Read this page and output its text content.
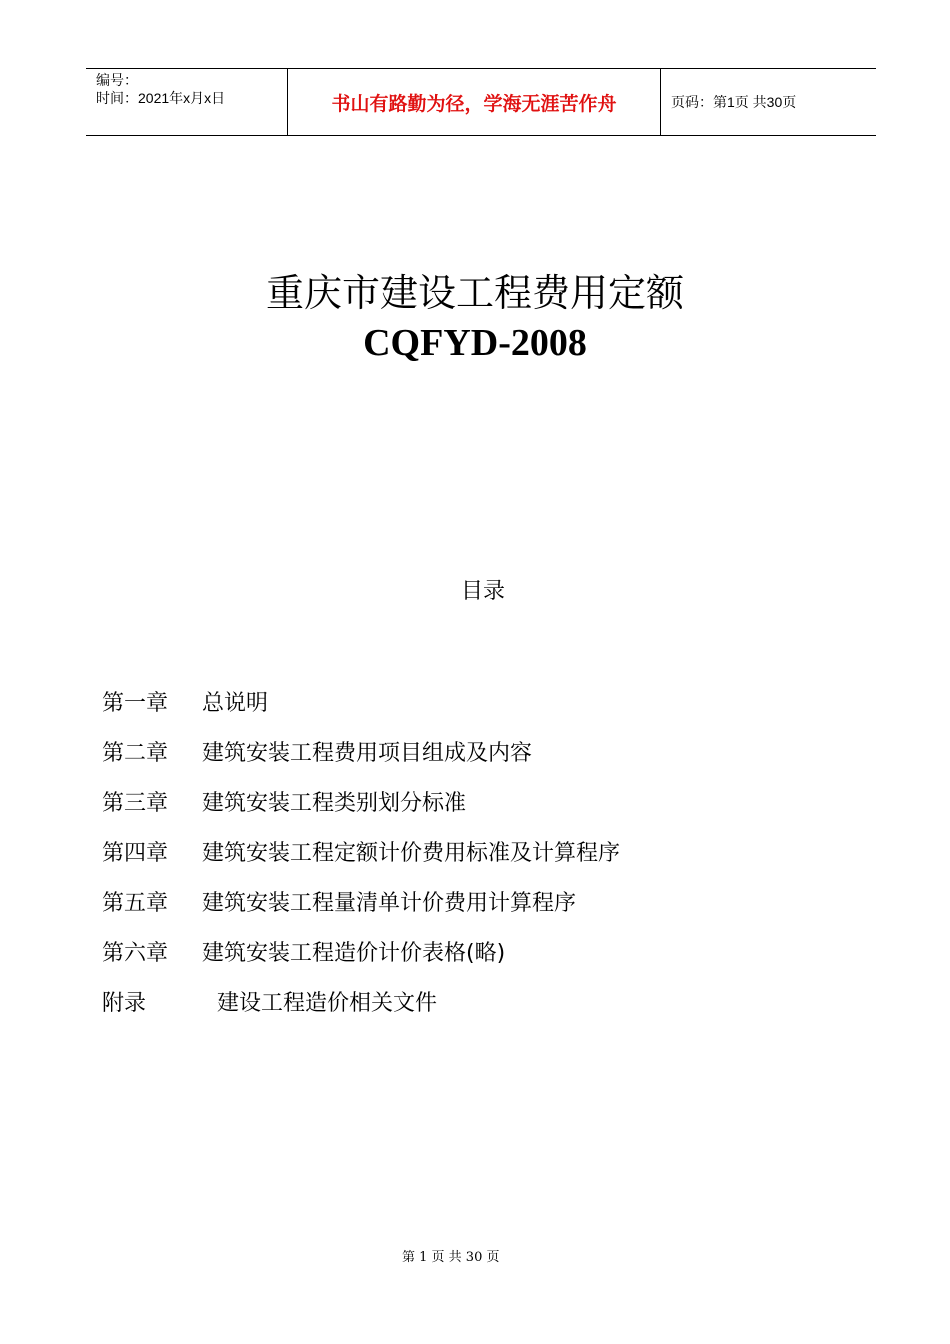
编号：
时间：2021年x月x日	书山有路勤为径，学海无涯苦作舟	页码：第1页 共30页
重庆市建设工程费用定额
CQFYD-2008
目录
第一章	总说明
第二章	建筑安装工程费用项目组成及内容
第三章	建筑安装工程类别划分标准
第四章	建筑安装工程定额计价费用标准及计算程序
第五章	建筑安装工程量清单计价费用计算程序
第六章	建筑安装工程造价计价表格(略)
附录	建设工程造价相关文件
第 1 页 共 30 页
